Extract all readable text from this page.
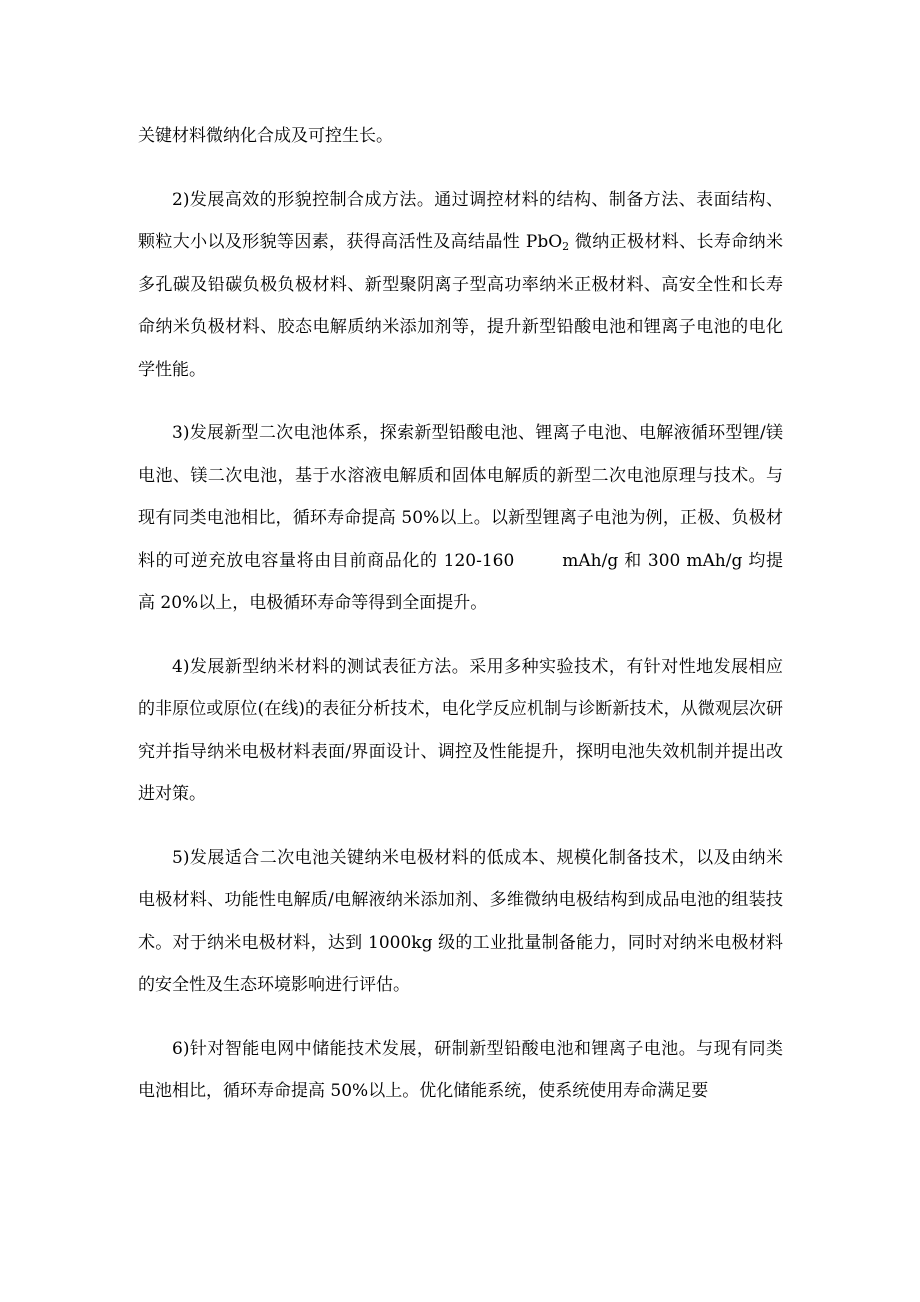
关键材料微纳化合成及可控生长。

2)发展高效的形貌控制合成方法。通过调控材料的结构、制备方法、表面结构、颗粒大小以及形貌等因素，获得高活性及高结晶性 PbO$_2$ 微纳正极材料、长寿命纳米多孔碳及铅碳负极负极材料、新型聚阴离子型高功率纳米正极材料、高安全性和长寿命纳米负极材料、胶态电解质纳米添加剂等，提升新型铅酸电池和锂离子电池的电化学性能。

3)发展新型二次电池体系，探索新型铅酸电池、锂离子电池、电解液循环型锂/镁电池、镁二次电池，基于水溶液电解质和固体电解质的新型二次电池原理与技术。与现有同类电池相比，循环寿命提高 50%以上。以新型锂离子电池为例，正极、负极材料的可逆充放电容量将由目前商品化的 120-160	mAh/g 和 300 mAh/g 均提高 20%以上，电极循环寿命等得到全面提升。

4)发展新型纳米材料的测试表征方法。采用多种实验技术，有针对性地发展相应的非原位或原位(在线)的表征分析技术，电化学反应机制与诊断新技术，从微观层次研究并指导纳米电极材料表面/界面设计、调控及性能提升，探明电池失效机制并提出改进对策。

5)发展适合二次电池关键纳米电极材料的低成本、规模化制备技术，以及由纳米电极材料、功能性电解质/电解液纳米添加剂、多维微纳电极结构到成品电池的组装技术。对于纳米电极材料，达到 1000kg 级的工业批量制备能力，同时对纳米电极材料的安全性及生态环境影响进行评估。

6)针对智能电网中储能技术发展，研制新型铅酸电池和锂离子电池。与现有同类电池相比，循环寿命提高 50%以上。优化储能系统，使系统使用寿命满足要
